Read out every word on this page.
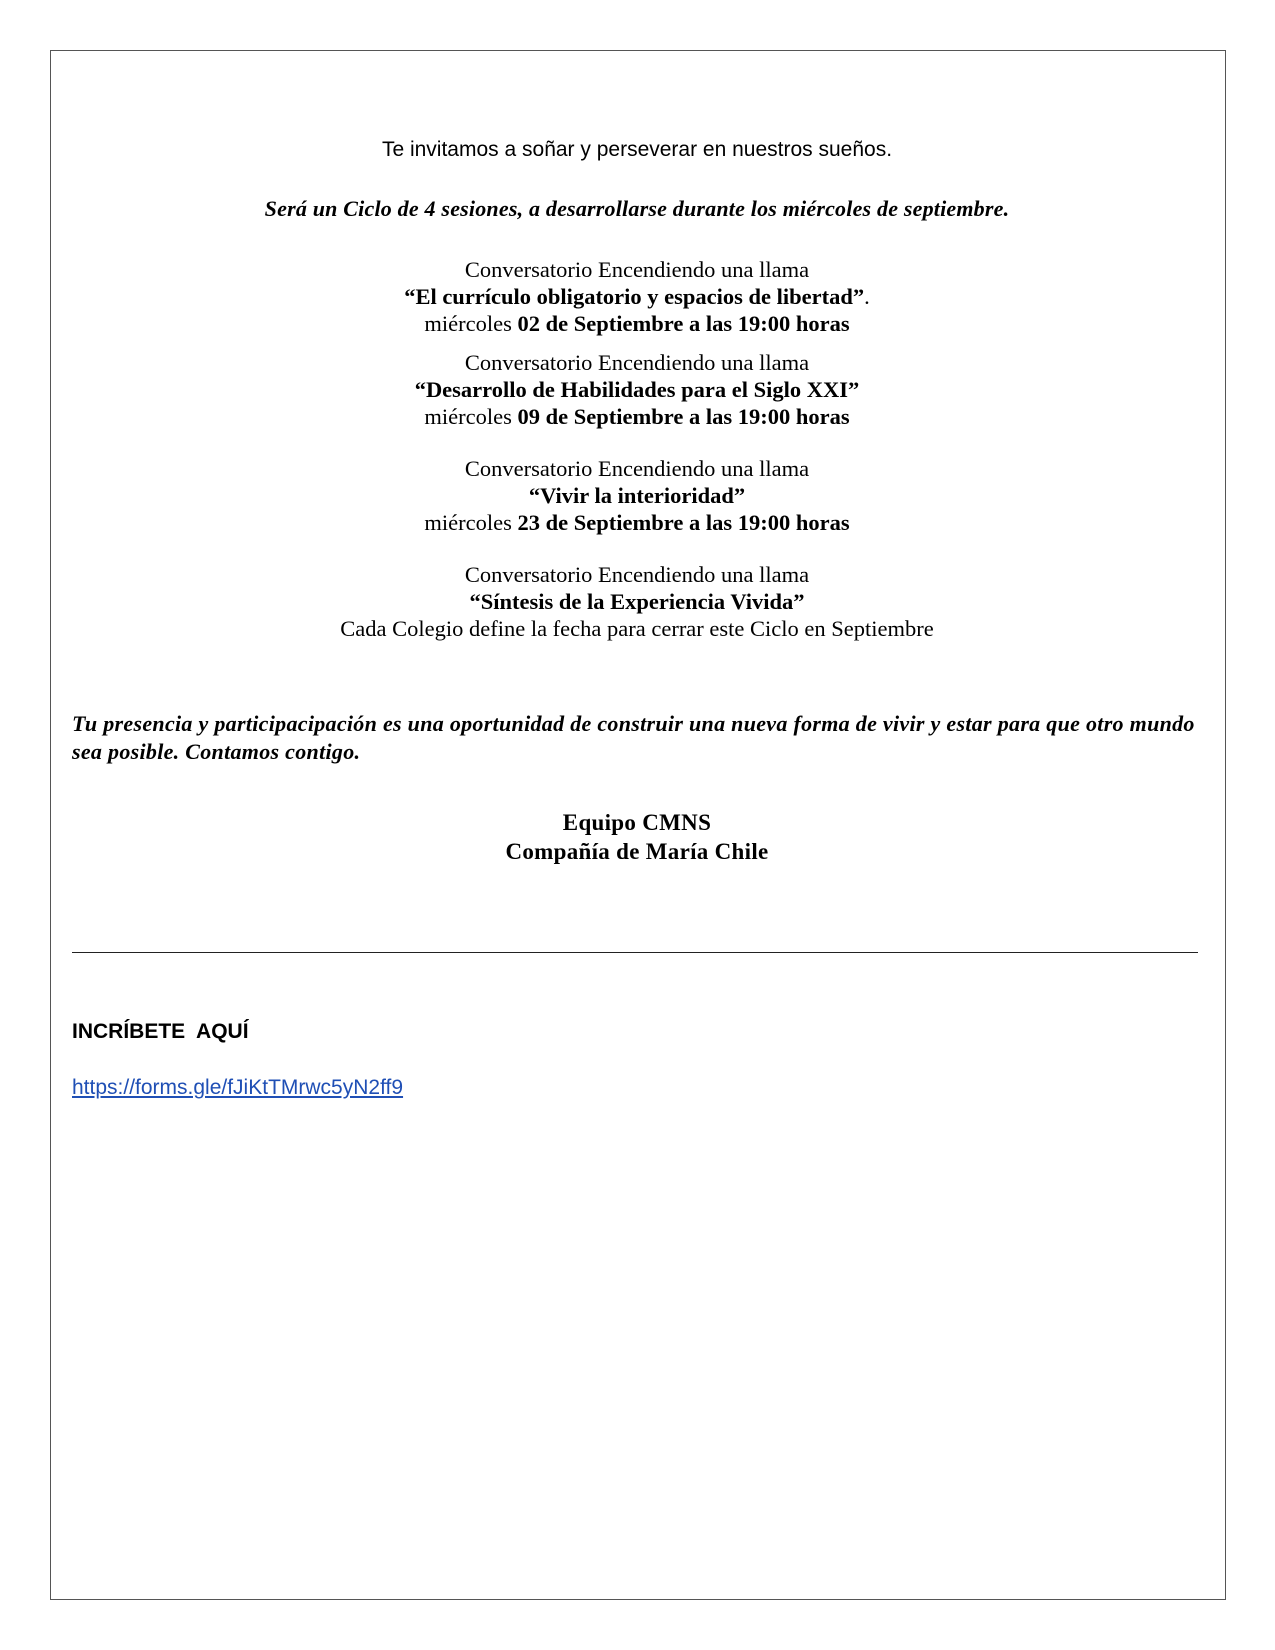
Te invitamos a soñar y perseverar en nuestros sueños.
Será un Ciclo de 4 sesiones, a desarrollarse durante los miércoles de septiembre.
Conversatorio Encendiendo una llama
“El currículo obligatorio y espacios de libertad”.
miércoles 02 de Septiembre a las 19:00 horas
Conversatorio Encendiendo una llama
“Desarrollo de Habilidades para el Siglo XXI”
miércoles 09 de Septiembre a las 19:00 horas
Conversatorio Encendiendo una llama
“Vivir la interioridad”
miércoles 23 de Septiembre a las 19:00 horas
Conversatorio Encendiendo una llama
“Síntesis de la Experiencia Vivida”
Cada Colegio define la fecha para cerrar este Ciclo en Septiembre
Tu presencia y participacipación es una oportunidad de construir una nueva forma de vivir y estar para que otro mundo sea posible. Contamos contigo.
Equipo CMNS
Compañía de María Chile
INCRÍBETE  AQUÍ
https://forms.gle/fJiKtTMrwc5yN2ff9
